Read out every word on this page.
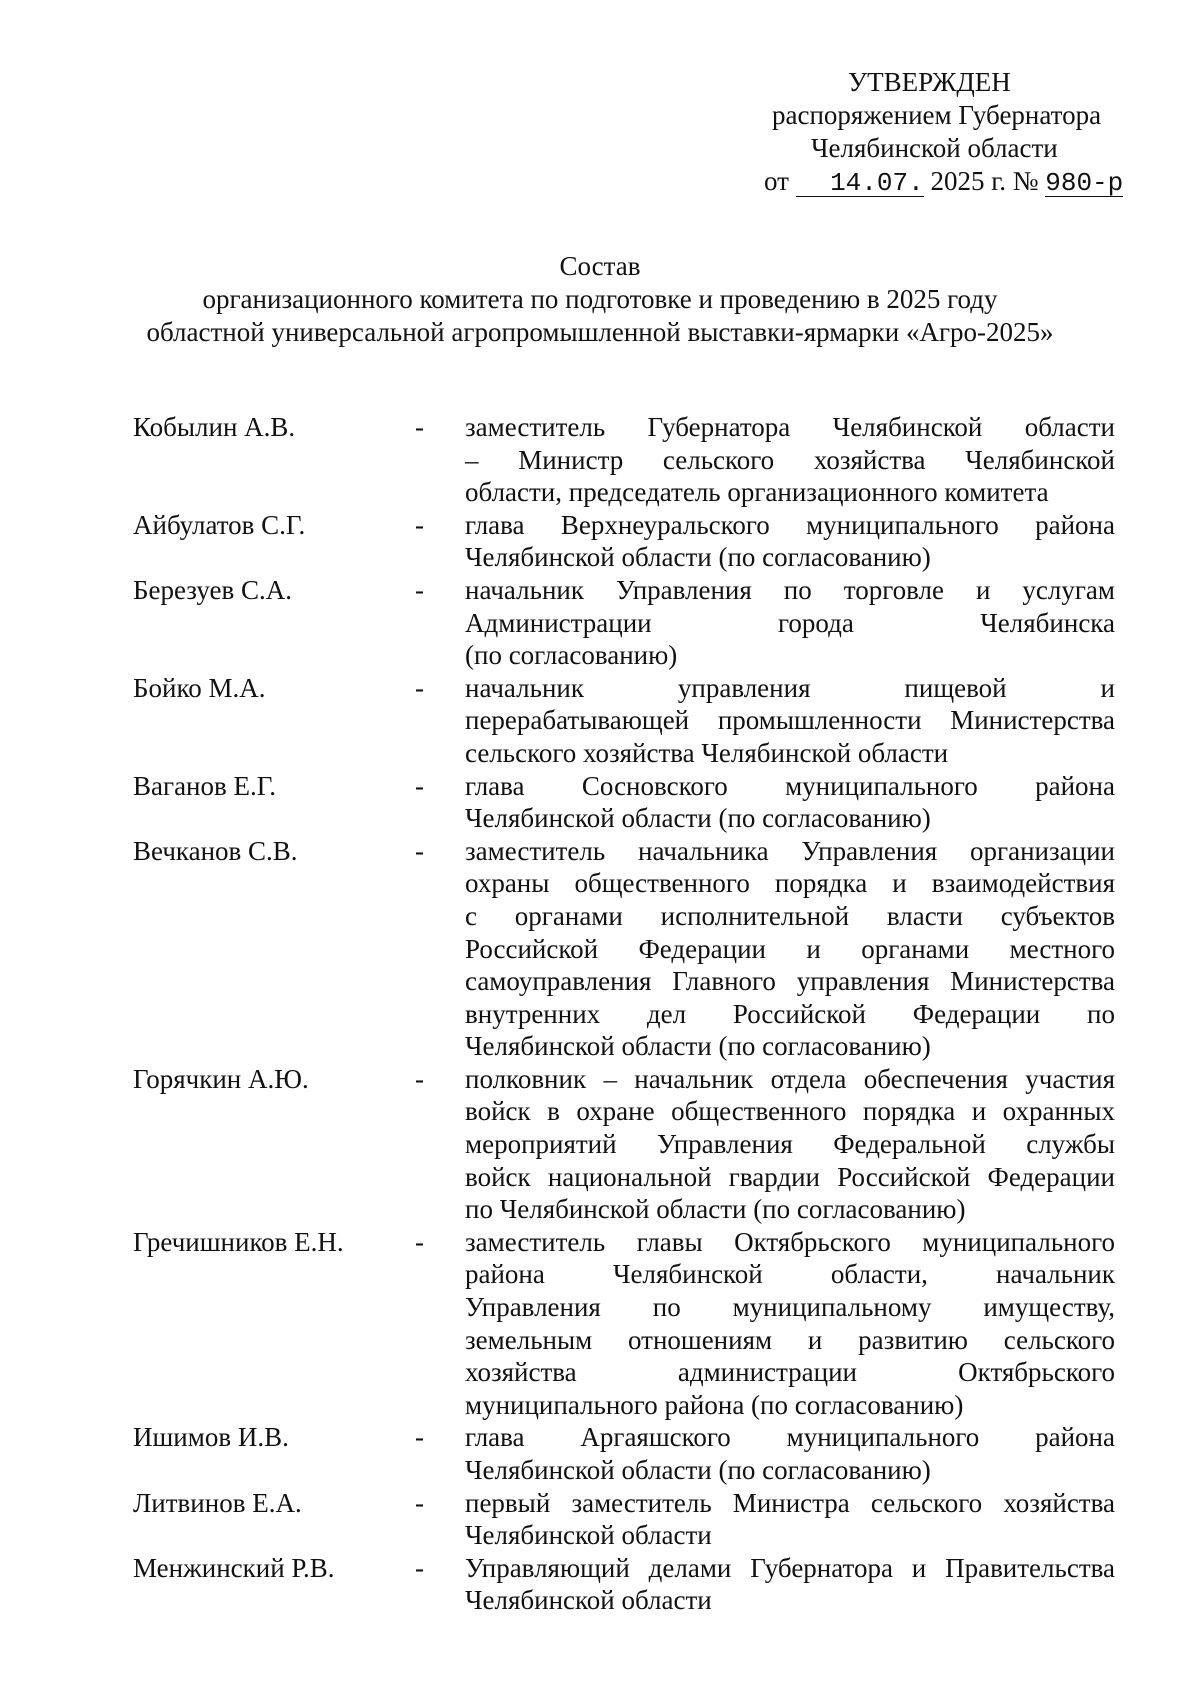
УТВЕРЖДЕН
распоряжением Губернатора
Челябинской области
от 14.07. 2025 г. № 980-р
Состав
организационного комитета по подготовке и проведению в 2025 году
областной универсальной агропромышленной выставки-ярмарки «Агро-2025»
Кобылин А.В.	-	заместитель Губернатора Челябинской области
– Министр сельского хозяйства Челябинской
области, председатель организационного комитета
Айбулатов С.Г.	-	глава Верхнеуральского муниципального района
Челябинской области (по согласованию)
Березуев С.А.	-	начальник Управления по торговле и услугам
Администрации города Челябинска
(по согласованию)
Бойко М.А.	-	начальник управления пищевой и
перерабатывающей промышленности Министерства
сельского хозяйства Челябинской области
Ваганов Е.Г.	-	глава Сосновского муниципального района
Челябинской области (по согласованию)
Вечканов С.В.	-	заместитель начальника Управления организации
охраны общественного порядка и взаимодействия
с органами исполнительной власти субъектов
Российской Федерации и органами местного
самоуправления Главного управления Министерства
внутренних дел Российской Федерации по
Челябинской области (по согласованию)
Горячкин А.Ю.	-	полковник – начальник отдела обеспечения участия
войск в охране общественного порядка и охранных
мероприятий Управления Федеральной службы
войск национальной гвардии Российской Федерации
по Челябинской области (по согласованию)
Гречишников Е.Н.	-	заместитель главы Октябрьского муниципального
района Челябинской области, начальник
Управления по муниципальному имуществу,
земельным отношениям и развитию сельского
хозяйства администрации Октябрьского
муниципального района (по согласованию)
Ишимов И.В.	-	глава Аргаяшского муниципального района
Челябинской области (по согласованию)
Литвинов Е.А.	-	первый заместитель Министра сельского хозяйства
Челябинской области
Менжинский Р.В.	-	Управляющий делами Губернатора и Правительства
Челябинской области
